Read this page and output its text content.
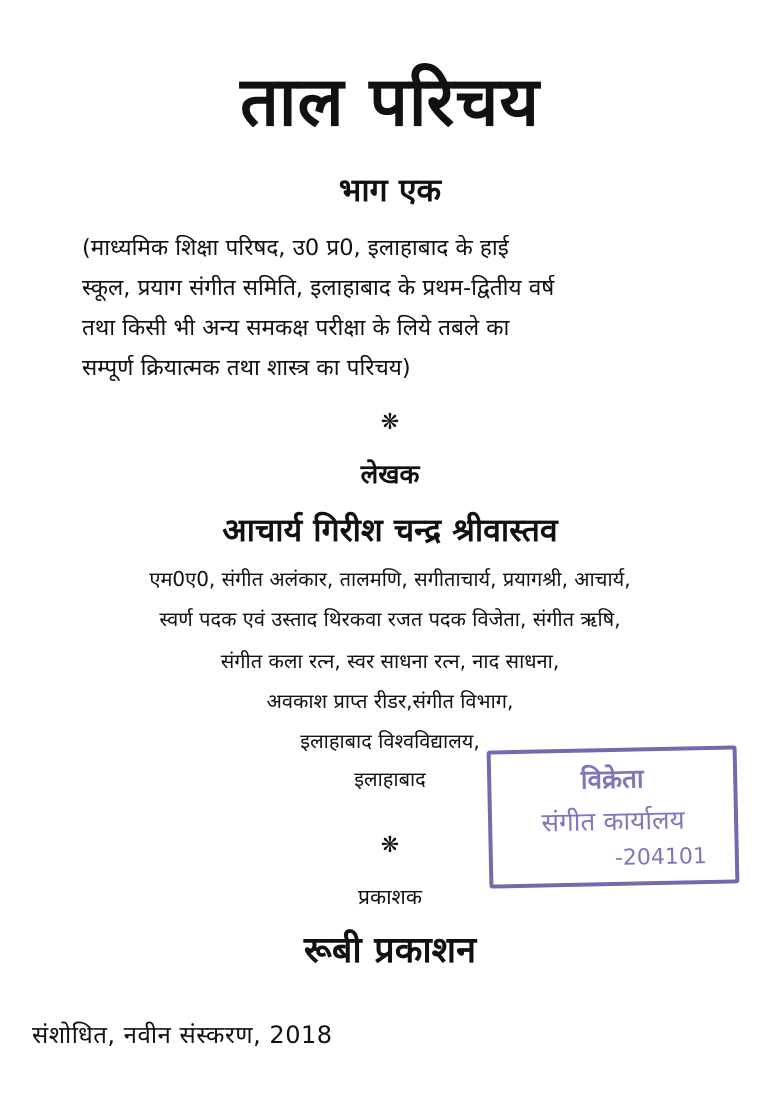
ताल परिचय
भाग एक
(माध्यमिक शिक्षा परिषद, उ0 प्र0, इलाहाबाद के हाई
स्कूल, प्रयाग संगीत समिति, इलाहाबाद के प्रथम-द्वितीय वर्ष
तथा किसी भी अन्य समकक्ष परीक्षा के लिये तबले का
सम्पूर्ण क्रियात्मक तथा शास्त्र का परिचय)
❋
लेखक
आचार्य गिरीश चन्द्र श्रीवास्तव
एम0ए0, संगीत अलंकार, तालमणि, सगीताचार्य, प्रयागश्री, आचार्य,
स्वर्ण पदक एवं उस्ताद थिरकवा रजत पदक विजेता, संगीत ऋषि,
संगीत कला रत्न, स्वर साधना रत्न, नाद साधना,
अवकाश प्राप्त रीडर,संगीत विभाग,
इलाहाबाद विश्वविद्यालय,
इलाहाबाद
❋
प्रकाशक
रूबी प्रकाशन
विक्रेता
संगीत कार्यालय
-204101
संशोधित, नवीन संस्करण, 2018
